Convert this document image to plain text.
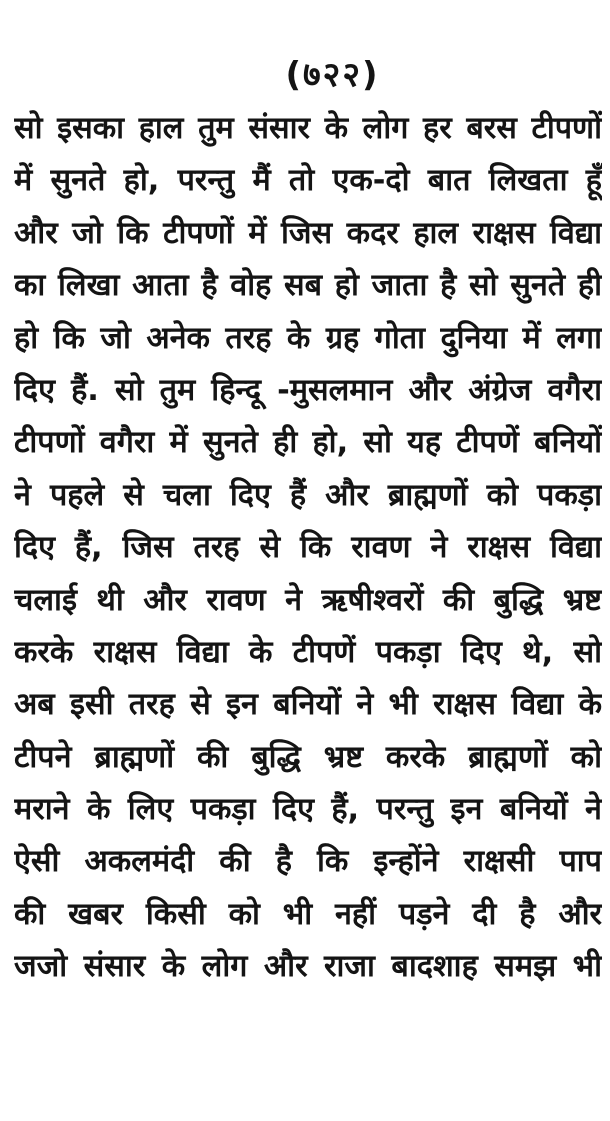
(७२२)
सो इसका हाल तुम संसार के लोग हर बरस टीपणों
में सुनते हो, परन्तु मैं तो एक-दो बात लिखता हूँ
और जो कि टीपणों में जिस कदर हाल राक्षस विद्या
का लिखा आता है वोह सब हो जाता है सो सुनते ही
हो कि जो अनेक तरह के ग्रह गोता दुनिया में लगा
दिए हैं. सो तुम हिन्दू -मुसलमान और अंग्रेज वगैरा
टीपणों वगैरा में सुनते ही हो, सो यह टीपणें बनियों
ने पहले से चला दिए हैं और ब्राह्मणों को पकड़ा
दिए हैं, जिस तरह से कि रावण ने राक्षस विद्या
चलाई थी और रावण ने ऋषीश्वरों की बुद्धि भ्रष्ट
करके राक्षस विद्या के टीपणें पकड़ा दिए थे, सो
अब इसी तरह से इन बनियों ने भी राक्षस विद्या के
टीपने ब्राह्मणों की बुद्धि भ्रष्ट करके ब्राह्मणों को
मराने के लिए पकड़ा दिए हैं, परन्तु इन बनियों ने
ऐसी अकलमंदी की है कि इन्होंने राक्षसी पाप
की खबर किसी को भी नहीं पड़ने दी है और
जजो संसार के लोग और राजा बादशाह समझ भी
